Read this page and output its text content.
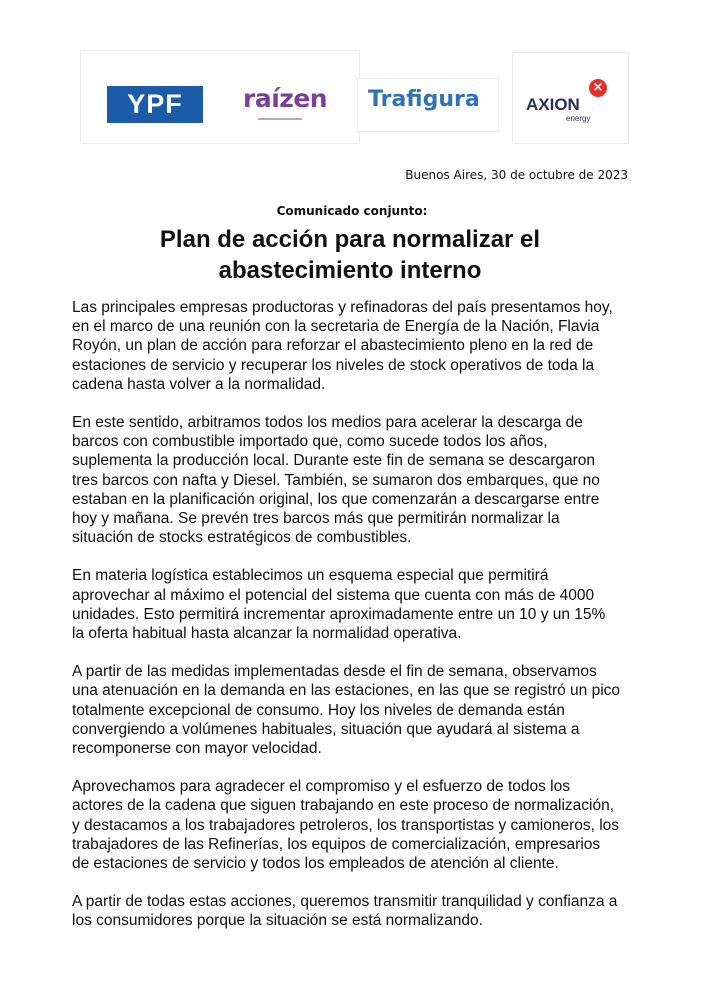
YPF	raízen Trafigura	AXION
×
energy
Buenos Aires, 30 de octubre de 2023
Comunicado conjunto:
Plan de acción para normalizar el
abastecimiento interno

Las principales empresas productoras y refinadoras del país presentamos hoy,
en el marco de una reunión con la secretaria de Energía de la Nación, Flavia
Royón, un plan de acción para reforzar el abastecimiento pleno en la red de
estaciones de servicio y recuperar los niveles de stock operativos de toda la
cadena hasta volver a la normalidad.

En este sentido, arbitramos todos los medios para acelerar la descarga de
barcos con combustible importado que, como sucede todos los años,
suplementa la producción local. Durante este fin de semana se descargaron
tres barcos con nafta y Diesel. También, se sumaron dos embarques, que no
estaban en la planificación original, los que comenzarán a descargarse entre
hoy y mañana. Se prevén tres barcos más que permitirán normalizar la
situación de stocks estratégicos de combustibles.

En materia logística establecimos un esquema especial que permitirá
aprovechar al máximo el potencial del sistema que cuenta con más de 4000
unidades. Esto permitirá incrementar aproximadamente entre un 10 y un 15%
la oferta habitual hasta alcanzar la normalidad operativa.

A partir de las medidas implementadas desde el fin de semana, observamos
una atenuación en la demanda en las estaciones, en las que se registró un pico
totalmente excepcional de consumo. Hoy los niveles de demanda están
convergiendo a volúmenes habituales, situación que ayudará al sistema a
recomponerse con mayor velocidad.

Aprovechamos para agradecer el compromiso y el esfuerzo de todos los
actores de la cadena que siguen trabajando en este proceso de normalización,
y destacamos a los trabajadores petroleros, los transportistas y camioneros, los
trabajadores de las Refinerías, los equipos de comercialización, empresarios
de estaciones de servicio y todos los empleados de atención al cliente.

A partir de todas estas acciones, queremos transmitir tranquilidad y confianza a
los consumidores porque la situación se está normalizando.
